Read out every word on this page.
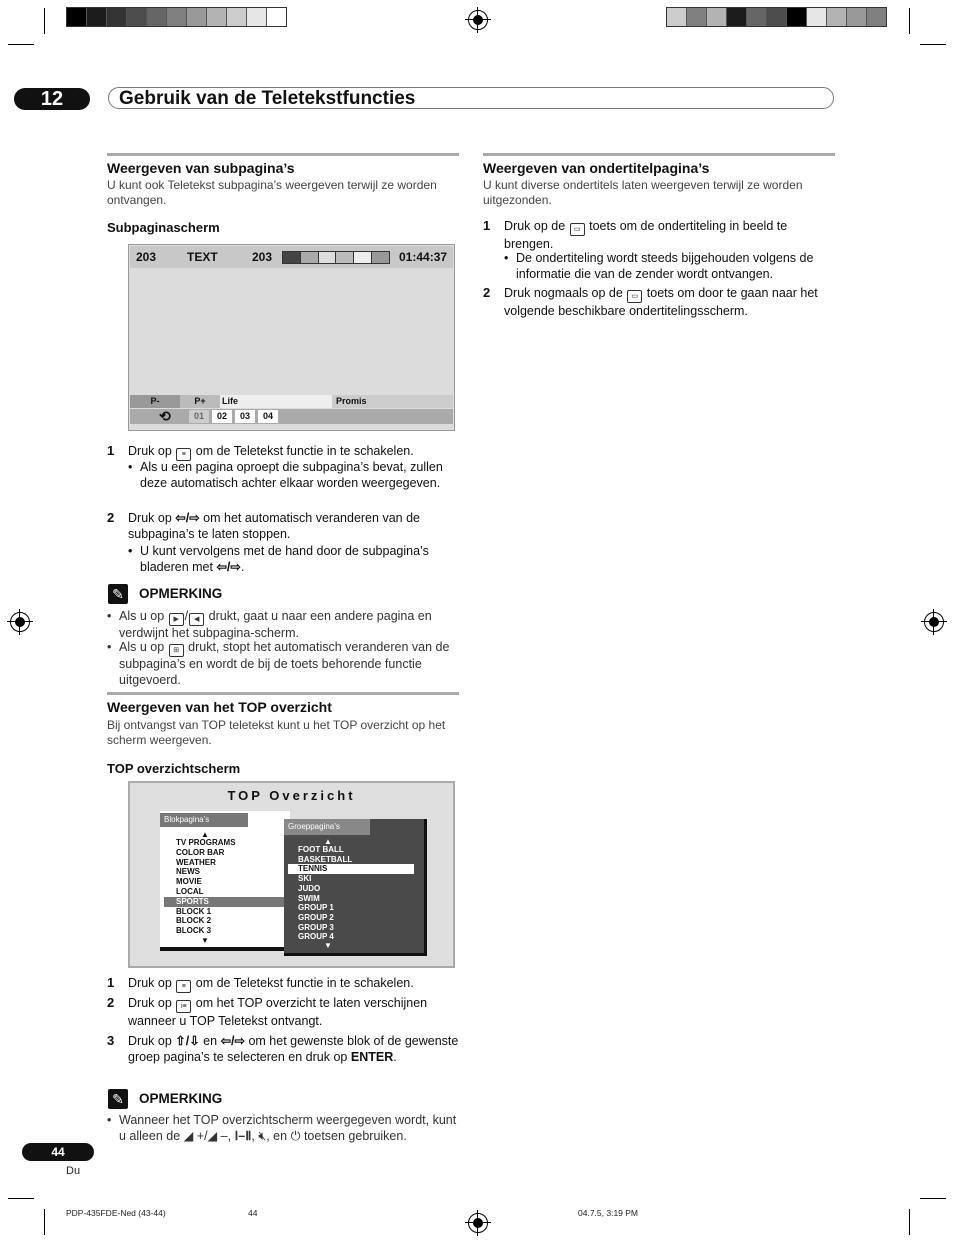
12	Gebruik van de Teletekstfuncties
Weergeven van subpagina’s
U kunt ook Teletekst subpagina’s weergeven terwijl ze worden ontvangen.
Subpaginascherm
203	TEXT	203	01:44:37
P-	P+	Life	Promis
⟲	01	02	03	04
1 Druk op ≡ om de Teletekst functie in te schakelen.
• Als u een pagina oproept die subpagina’s bevat, zullen deze automatisch achter elkaar worden weergegeven.
2 Druk op ⇦/⇨ om het automatisch veranderen van de subpagina’s te laten stoppen.
• U kunt vervolgens met de hand door de subpagina’s bladeren met ⇦/⇨.
✎	OPMERKING
• Als u op ▶ / ◀ drukt, gaat u naar een andere pagina en verdwijnt het subpagina-scherm.
• Als u op ⊞ drukt, stopt het automatisch veranderen van de subpagina’s en wordt de bij de toets behorende functie uitgevoerd.
Weergeven van het TOP overzicht
Bij ontvangst van TOP teletekst kunt u het TOP overzicht op het scherm weergeven.
TOP overzichtscherm
TOP Overzicht
Blokpagina’s
▲
TV PROGRAMS
COLOR BAR
WEATHER
NEWS
MOVIE
LOCAL
SPORTS
BLOCK 1
BLOCK 2
BLOCK 3
▼
Groeppagina’s
▲
FOOT BALL
BASKETBALL
TENNIS
SKI
JUDO
SWIM
GROUP 1
GROUP 2
GROUP 3
GROUP 4
▼
1 Druk op ≡ om de Teletekst functie in te schakelen.
2 Druk op i≡ om het TOP overzicht te laten verschijnen wanneer u TOP Teletekst ontvangt.
3 Druk op ⇧/⇩ en ⇦/⇨ om het gewenste blok of de gewenste groep pagina’s te selecteren en druk op ENTER.
✎	OPMERKING
• Wanneer het TOP overzichtscherm weergegeven wordt, kunt u alleen de ◢ +/◢ –, Ⅰ–Ⅱ, 🔇︎, en ⏻ toetsen gebruiken.
Weergeven van ondertitelpagina’s
U kunt diverse ondertitels laten weergeven terwijl ze worden uitgezonden.
1 Druk op de ▭ toets om de ondertiteling in beeld te brengen.
• De ondertiteling wordt steeds bijgehouden volgens de informatie die van de zender wordt ontvangen.
2 Druk nogmaals op de ▭ toets om door te gaan naar het volgende beschikbare ondertitelingsscherm.
44
Du
PDP-435FDE-Ned (43-44)	44	04.7.5, 3:19 PM
